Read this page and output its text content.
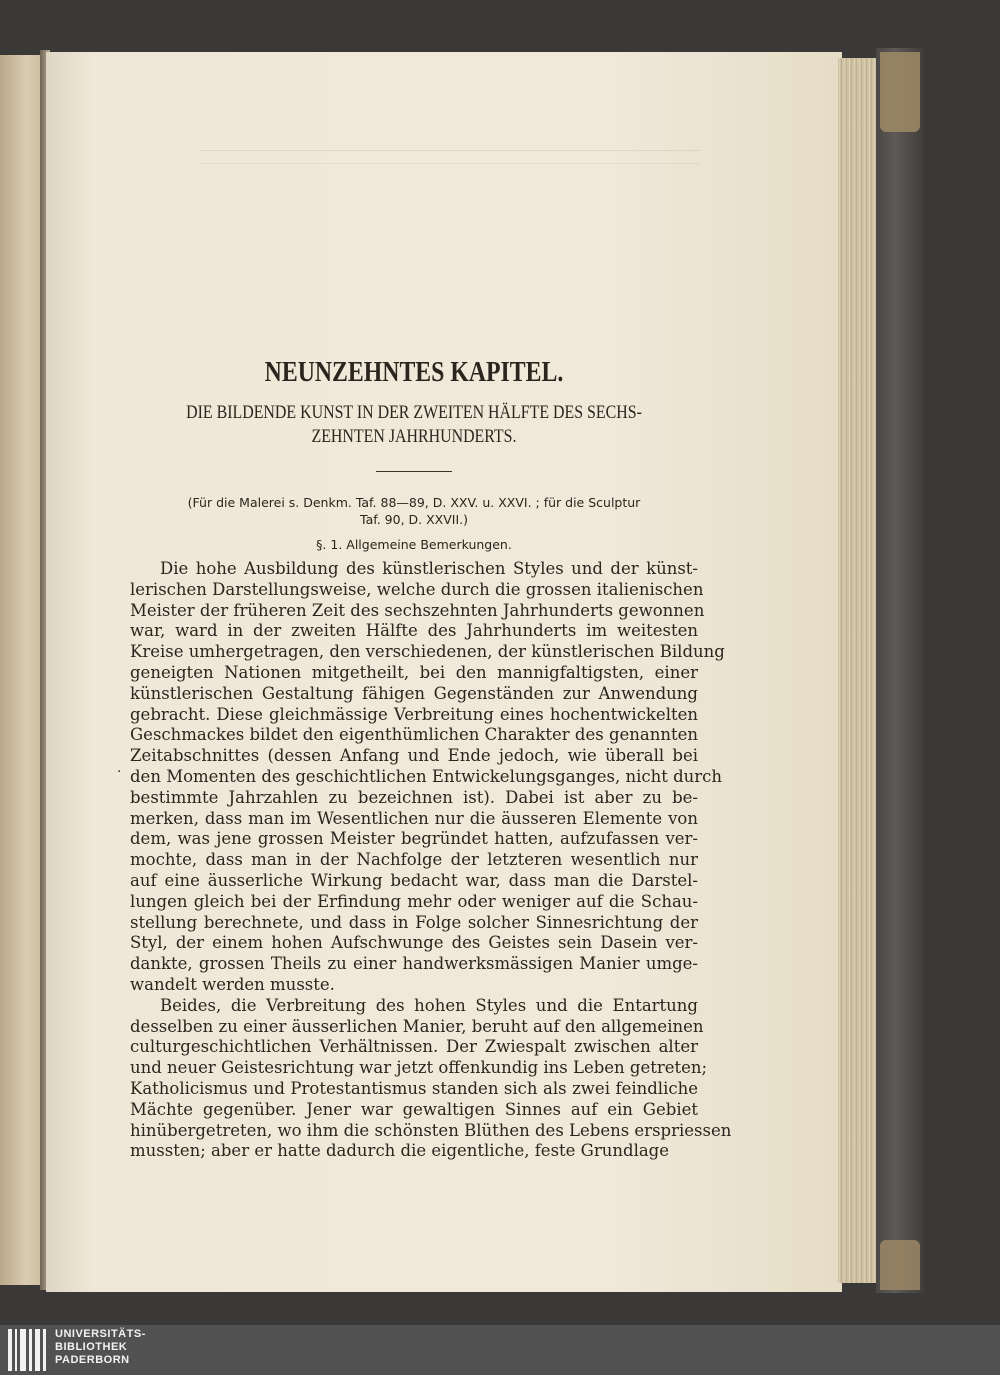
.
NEUNZEHNTES KAPITEL.

DIE BILDENDE KUNST IN DER ZWEITEN HÄLFTE DES SECHS-
ZEHNTEN JAHRHUNDERTS.

(Für die Malerei s. Denkm. Taf. 88—89, D. XXV. u. XXVI. ; für die Sculptur
Taf. 90, D. XXVII.)

§. 1. Allgemeine Bemerkungen.

Die hohe Ausbildung des künstlerischen Styles und der künst-
lerischen Darstellungsweise, welche durch die grossen italienischen
Meister der früheren Zeit des sechszehnten Jahrhunderts gewonnen
war, ward in der zweiten Hälfte des Jahrhunderts im weitesten
Kreise umhergetragen, den verschiedenen, der künstlerischen Bildung
geneigten Nationen mitgetheilt, bei den mannigfaltigsten, einer
künstlerischen Gestaltung fähigen Gegenständen zur Anwendung
gebracht. Diese gleichmässige Verbreitung eines hochentwickelten
Geschmackes bildet den eigenthümlichen Charakter des genannten
Zeitabschnittes (dessen Anfang und Ende jedoch, wie überall bei
den Momenten des geschichtlichen Entwickelungsganges, nicht durch
bestimmte Jahrzahlen zu bezeichnen ist). Dabei ist aber zu be-
merken, dass man im Wesentlichen nur die äusseren Elemente von
dem, was jene grossen Meister begründet hatten, aufzufassen ver-
mochte, dass man in der Nachfolge der letzteren wesentlich nur
auf eine äusserliche Wirkung bedacht war, dass man die Darstel-
lungen gleich bei der Erfindung mehr oder weniger auf die Schau-
stellung berechnete, und dass in Folge solcher Sinnesrichtung der
Styl, der einem hohen Aufschwunge des Geistes sein Dasein ver-
dankte, grossen Theils zu einer handwerksmässigen Manier umge-
wandelt werden musste.
Beides, die Verbreitung des hohen Styles und die Entartung
desselben zu einer äusserlichen Manier, beruht auf den allgemeinen
culturgeschichtlichen Verhältnissen. Der Zwiespalt zwischen alter
und neuer Geistesrichtung war jetzt offenkundig ins Leben getreten;
Katholicismus und Protestantismus standen sich als zwei feindliche
Mächte gegenüber. Jener war gewaltigen Sinnes auf ein Gebiet
hinübergetreten, wo ihm die schönsten Blüthen des Lebens erspriessen
mussten; aber er hatte dadurch die eigentliche, feste Grundlage
UNIVERSITÄTS-
BIBLIOTHEK
PADERBORN
